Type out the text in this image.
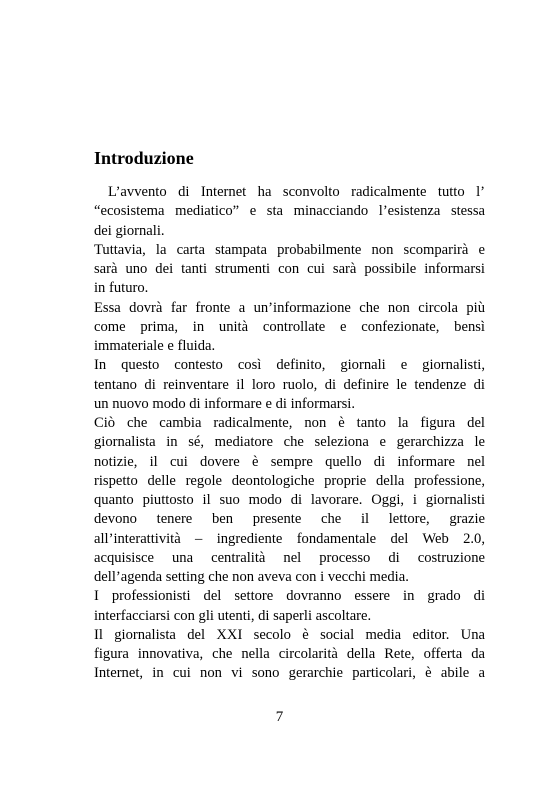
Introduzione
L’avvento di Internet ha sconvolto radicalmente tutto l’
“ecosistema mediatico” e sta minacciando l’esistenza stessa
dei giornali.
Tuttavia, la carta stampata probabilmente non scomparirà e
sarà uno dei tanti strumenti con cui sarà possibile informarsi
in futuro.
Essa dovrà far fronte a un’informazione che non circola più
come prima, in unità controllate e confezionate, bensì
immateriale e fluida.
In questo contesto così definito, giornali e giornalisti,
tentano di reinventare il loro ruolo, di definire le tendenze di
un nuovo modo di informare e di informarsi.
Ciò che cambia radicalmente, non è tanto la figura del
giornalista in sé, mediatore che seleziona e gerarchizza le
notizie, il cui dovere è sempre quello di informare nel
rispetto delle regole deontologiche proprie della professione,
quanto piuttosto il suo modo di lavorare. Oggi, i giornalisti
devono tenere ben presente che il lettore, grazie
all’interattività – ingrediente fondamentale del Web 2.0,
acquisisce una centralità nel processo di costruzione
dell’agenda setting che non aveva con i vecchi media.
I professionisti del settore dovranno essere in grado di
interfacciarsi con gli utenti, di saperli ascoltare.
Il giornalista del XXI secolo è social media editor. Una
figura innovativa, che nella circolarità della Rete, offerta da
Internet, in cui non vi sono gerarchie particolari, è abile a
7
